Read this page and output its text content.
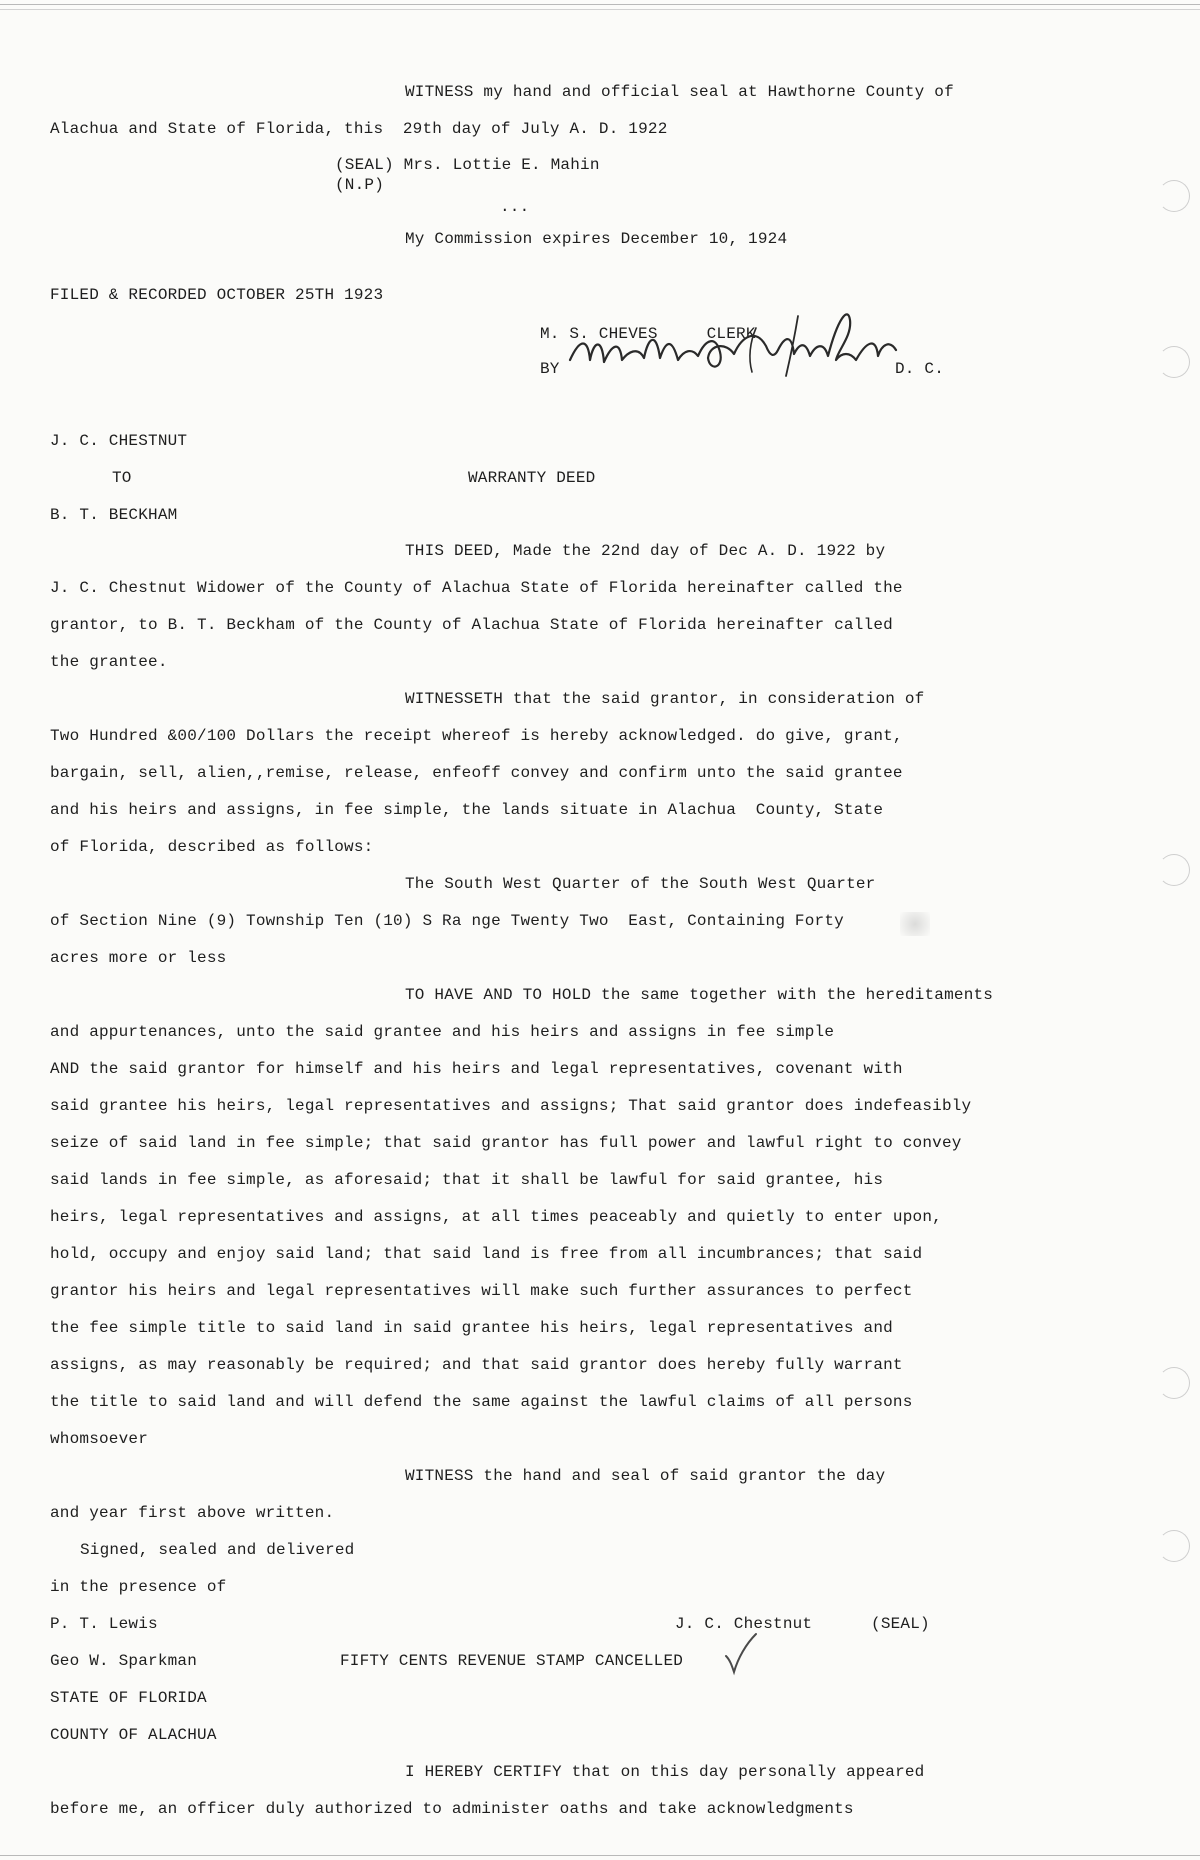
WITNESS my hand and official seal at Hawthorne County of
Alachua and State of Florida, this  29th day of July A. D. 1922
(SEAL) Mrs. Lottie E. Mahin
(N.P)
...
My Commission expires December 10, 1924
FILED & RECORDED OCTOBER 25TH 1923
M. S. CHEVES     CLERK
BY	D. C.
J. C. CHESTNUT
TO	WARRANTY DEED
B. T. BECKHAM
THIS DEED, Made the 22nd day of Dec A. D. 1922 by
J. C. Chestnut Widower of the County of Alachua State of Florida hereinafter called the
grantor, to B. T. Beckham of the County of Alachua State of Florida hereinafter called
the grantee.
WITNESSETH that the said grantor, in consideration of
Two Hundred &00/100 Dollars the receipt whereof is hereby acknowledged. do give, grant,
bargain, sell, alien,,remise, release, enfeoff convey and confirm unto the said grantee
and his heirs and assigns, in fee simple, the lands situate in Alachua  County, State
of Florida, described as follows:
The South West Quarter of the South West Quarter
of Section Nine (9) Township Ten (10) S Ra nge Twenty Two  East, Containing Forty
acres more or less
TO HAVE AND TO HOLD the same together with the hereditaments
and appurtenances, unto the said grantee and his heirs and assigns in fee simple
AND the said grantor for himself and his heirs and legal representatives, covenant with
said grantee his heirs, legal representatives and assigns; That said grantor does indefeasibly
seize of said land in fee simple; that said grantor has full power and lawful right to convey
said lands in fee simple, as aforesaid; that it shall be lawful for said grantee, his
heirs, legal representatives and assigns, at all times peaceably and quietly to enter upon,
hold, occupy and enjoy said land; that said land is free from all incumbrances; that said
grantor his heirs and legal representatives will make such further assurances to perfect
the fee simple title to said land in said grantee his heirs, legal representatives and
assigns, as may reasonably be required; and that said grantor does hereby fully warrant
the title to said land and will defend the same against the lawful claims of all persons
whomsoever
WITNESS the hand and seal of said grantor the day
and year first above written.
Signed, sealed and delivered
in the presence of
P. T. Lewis	J. C. Chestnut      (SEAL)
Geo W. Sparkman	FIFTY CENTS REVENUE STAMP CANCELLED
STATE OF FLORIDA
COUNTY OF ALACHUA
I HEREBY CERTIFY that on this day personally appeared
before me, an officer duly authorized to administer oaths and take acknowledgments
